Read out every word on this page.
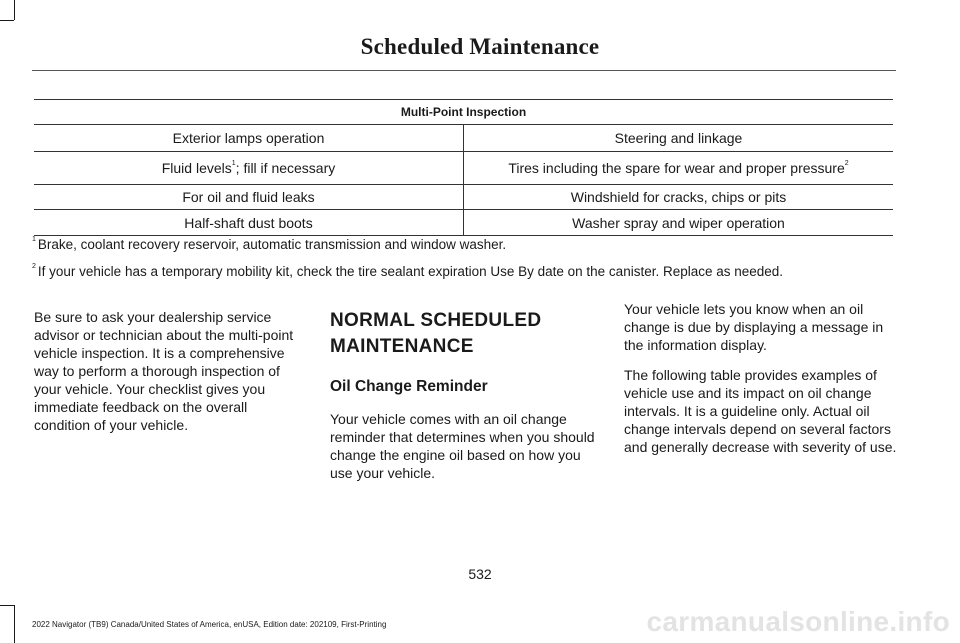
Scheduled Maintenance
Multi-Point Inspection	
Exterior lamps operation	Steering and linkage
Fluid levels$^1$; fill if necessary	Tires including the spare for wear and proper pressure$^2$
For oil and fluid leaks	Windshield for cracks, chips or pits
Half-shaft dust boots	Washer spray and wiper operation
$^1$ Brake, coolant recovery reservoir, automatic transmission and window washer.
$^2$ If your vehicle has a temporary mobility kit, check the tire sealant expiration Use By date on the canister. Replace as needed.

Be sure to ask your dealership service advisor or technician about the multi-point vehicle inspection. It is a comprehensive way to perform a thorough inspection of your vehicle. Your checklist gives you immediate feedback on the overall condition of your vehicle.

NORMAL SCHEDULED MAINTENANCE
Oil Change Reminder

Your vehicle comes with an oil change reminder that determines when you should change the engine oil based on how you use your vehicle.

Your vehicle lets you know when an oil change is due by displaying a message in the information display.

The following table provides examples of vehicle use and its impact on oil change intervals. It is a guideline only. Actual oil change intervals depend on several factors and generally decrease with severity of use.

532
2022 Navigator (TB9) Canada/United States of America, enUSA, Edition date: 202109, First-Printing	carmanualsonline.info
